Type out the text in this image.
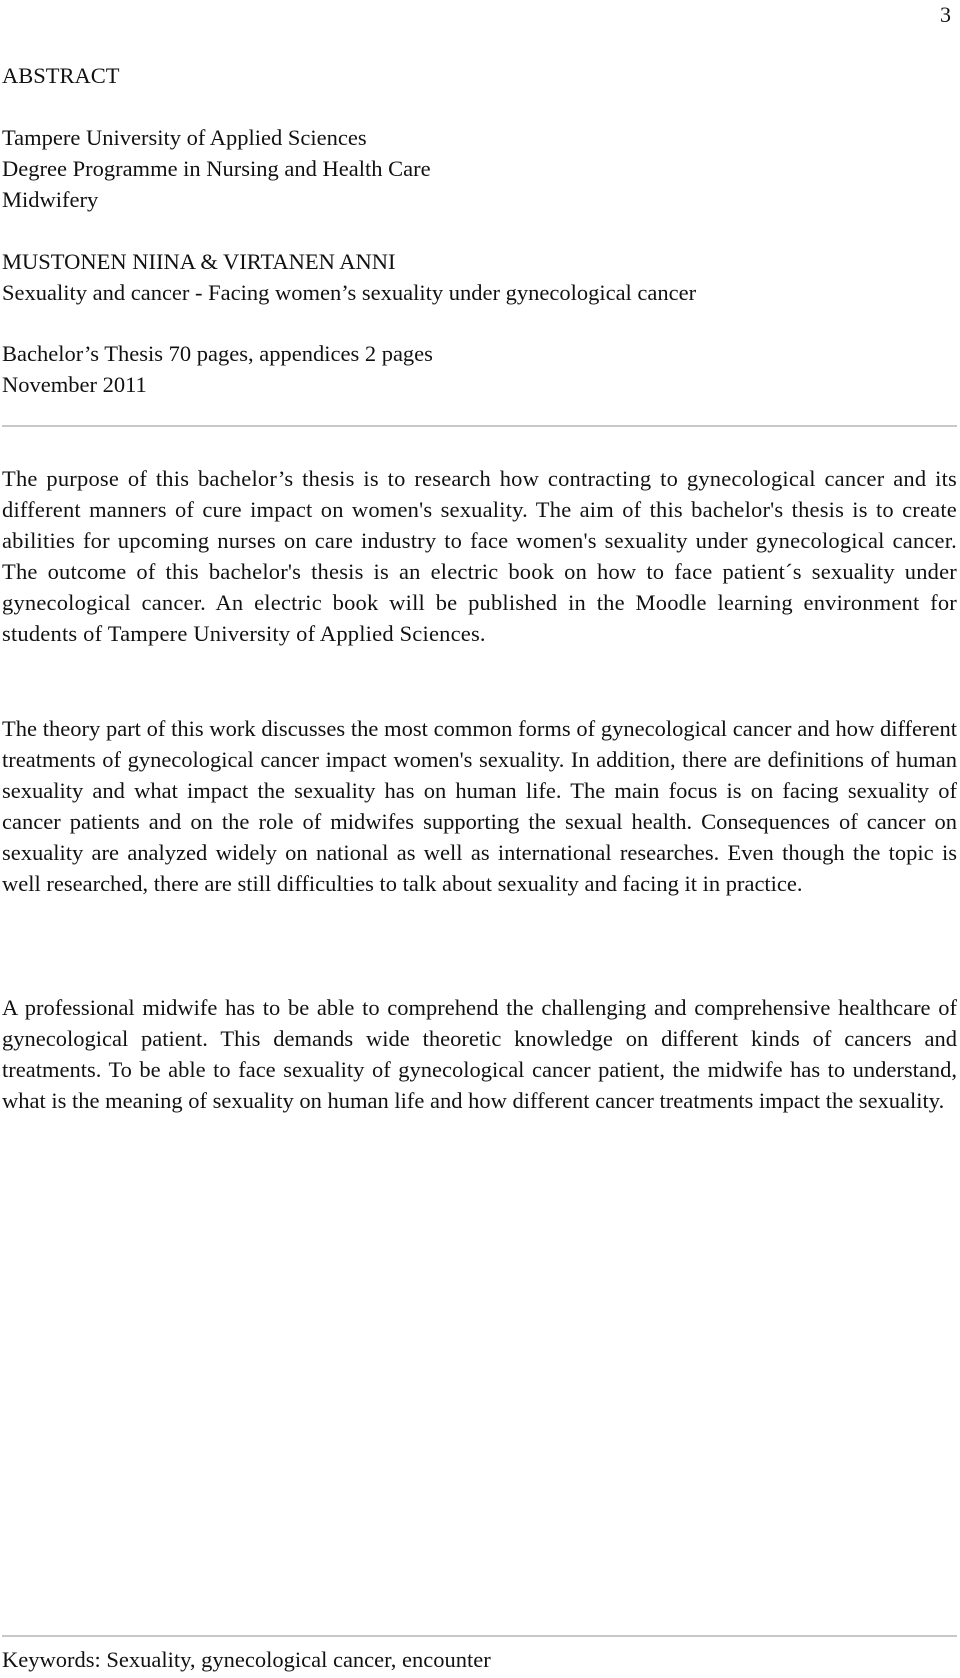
3
ABSTRACT
Tampere University of Applied Sciences
Degree Programme in Nursing and Health Care
Midwifery
MUSTONEN NIINA & VIRTANEN ANNI
Sexuality and cancer - Facing women’s sexuality under gynecological cancer
Bachelor’s Thesis 70 pages, appendices 2 pages
November 2011

The purpose of this bachelor’s thesis is to research how contracting to gynecological cancer and its different manners of cure impact on women's sexuality. The aim of this bachelor's thesis is to create abilities for upcoming nurses on care industry to face women's sexuality under gynecological cancer. The outcome of this bachelor's thesis is an electric book on how to face patient´s sexuality under gynecological cancer. An electric book will be published in the Moodle learning environment for students of Tampere University of Applied Sciences.

The theory part of this work discusses the most common forms of gynecological cancer and how different treatments of gynecological cancer impact women's sexuality. In addition, there are definitions of human sexuality and what impact the sexuality has on human life. The main focus is on facing sexuality of cancer patients and on the role of midwifes supporting the sexual health. Consequences of cancer on sexuality are analyzed widely on national as well as international researches. Even though the topic is well researched, there are still difficulties to talk about sexuality and facing it in practice.

A professional midwife has to be able to comprehend the challenging and comprehensive healthcare of gynecological patient. This demands wide theoretic knowledge on different kinds of cancers and treatments. To be able to face sexuality of gynecological cancer patient, the midwife has to understand, what is the meaning of sexuality on human life and how different cancer treatments impact the sexuality.

Keywords: Sexuality, gynecological cancer, encounter
